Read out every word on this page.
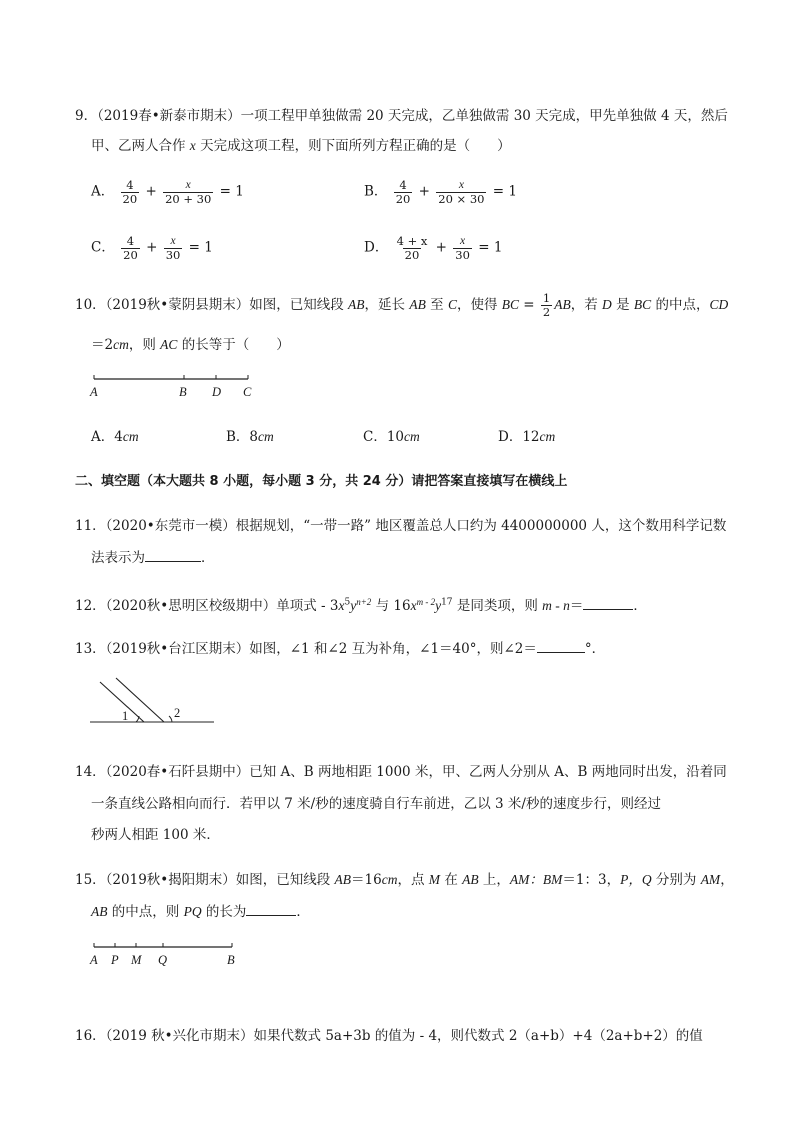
9．（2019春•新泰市期末）一项工程甲单独做需 20 天完成，乙单独做需 30 天完成，甲先单独做 4 天，然后
甲、乙两人合作 x 天完成这项工程，则下面所列方程正确的是（　　）
A． $\frac{4}{20} + \frac{x}{20 + 30} = 1$	B． $\frac{4}{20} + \frac{x}{20 \times 30} = 1$
C． $\frac{4}{20} + \frac{x}{30} = 1$	D． $\frac{4 + x}{20} + \frac{x}{30} = 1$
10．（2019秋•蒙阴县期末）如图，已知线段 AB，延长 AB 至 C，使得 BC = $\frac{1}{2}$ AB，若 D 是 BC 的中点，CD
＝2cm，则 AC 的长等于（　　）
A	B D C
A．4cm	B．8cm	C．10cm	D．12cm
二、填空题（本大题共 8 小题，每小题 3 分，共 24 分）请把答案直接填写在横线上
11．（2020•东莞市一模）根据规划，“一带一路” 地区覆盖总人口约为 4400000000 人，这个数用科学记数
法表示为	．
12．（2020秋•思明区校级期中）单项式 - $3x^5y^{n+2}$ 与 $16x^{m - 2}y^{17}$ 是同类项，则 m - n＝	．
13．（2019秋•台江区期末）如图，∠1 和∠2 互为补角，∠1＝40°，则∠2＝	°．
1	2
14．（2020春•石阡县期中）已知 A、B 两地相距 1000 米，甲、乙两人分别从 A、B 两地同时出发，沿着同
一条直线公路相向而行．若甲以 7 米/秒的速度骑自行车前进，乙以 3 米/秒的速度步行，则经过
秒两人相距 100 米．
15．（2019秋•揭阳期末）如图，已知线段 AB＝16cm，点 M 在 AB 上，AM：BM＝1：3，P，Q 分别为 AM，
AB 的中点，则 PQ 的长为	．
A P M Q	B
16．（2019 秋•兴化市期末）如果代数式 5a+3b 的值为 - 4，则代数式 2（a+b）+4（2a+b+2）的值
